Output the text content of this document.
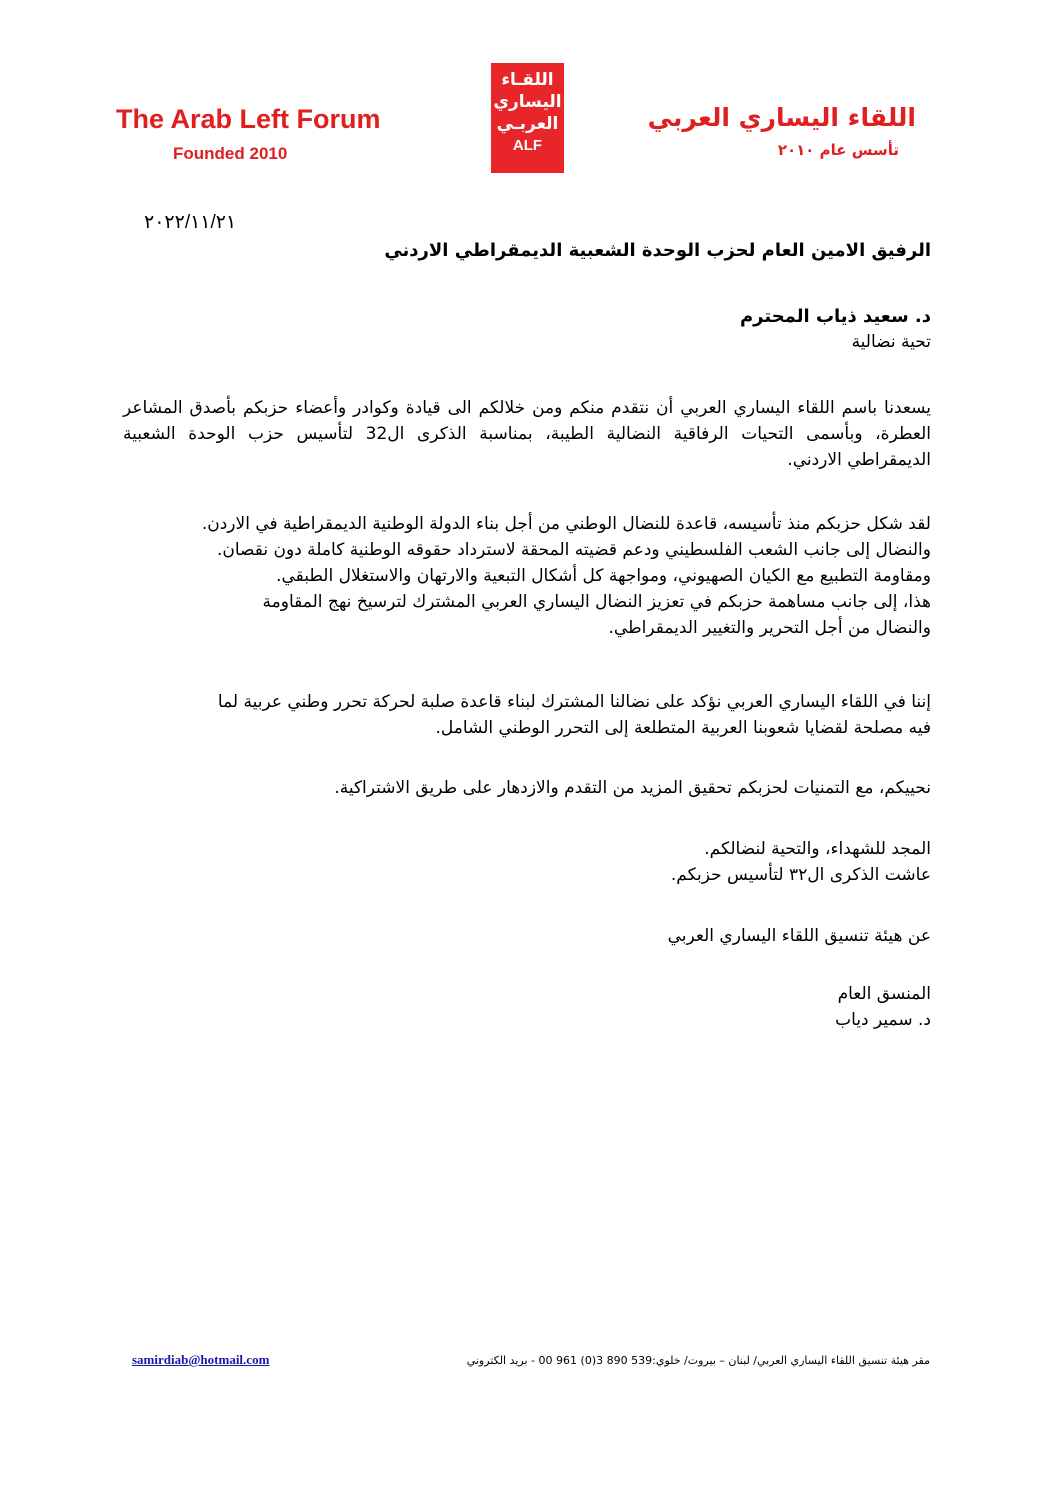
The Arab Left Forum
Founded 2010
اللقـاء
اليساري
العربـي
ALF
اللقاء اليساري العربي
تأسس عام ٢٠١٠
٢٠٢٢/١١/٢١
الرفيق الامين العام لحزب الوحدة الشعبية الديمقراطي الاردني
د. سعيد ذياب المحترم
تحية نضالية
يسعدنا باسم اللقاء اليساري العربي أن نتقدم منكم ومن خلالكم الى قيادة وكوادر وأعضاء حزبكم بأصدق المشاعر العطرة، وبأسمى التحيات الرفاقية النضالية الطيبة، بمناسبة الذكرى ال32 لتأسيس حزب الوحدة الشعبية الديمقراطي الاردني.
لقد شكل حزبكم منذ تأسيسه، قاعدة للنضال الوطني من أجل بناء الدولة الوطنية الديمقراطية في الاردن.
والنضال إلى جانب الشعب الفلسطيني ودعم قضيته المحقة لاسترداد حقوقه الوطنية كاملة دون نقصان.
ومقاومة التطبيع مع الكيان الصهيوني، ومواجهة كل أشكال التبعية والارتهان والاستغلال الطبقي.
هذا، إلى جانب مساهمة حزبكم في تعزيز النضال اليساري العربي المشترك لترسيخ نهج المقاومة
والنضال من أجل التحرير والتغيير الديمقراطي.
إننا في اللقاء اليساري العربي نؤكد على نضالنا المشترك لبناء قاعدة صلبة لحركة تحرر وطني عربية لما
فيه مصلحة لقضايا شعوبنا العربية المتطلعة إلى التحرر الوطني الشامل.
نحييكم، مع التمنيات لحزبكم تحقيق المزيد من التقدم والازدهار على طريق الاشتراكية.
المجد للشهداء، والتحية لنضالكم.
عاشت الذكرى ال٣٢ لتأسيس حزبكم.
عن هيئة تنسيق اللقاء اليساري العربي
المنسق العام
د. سمير دياب
samirdiab@hotmail.com	مقر هيئة تنسيق اللقاء اليساري العربي/ لبنان – بيروت/ خلوي:539 890 3(0) 961 00 - بريد الكتروني
